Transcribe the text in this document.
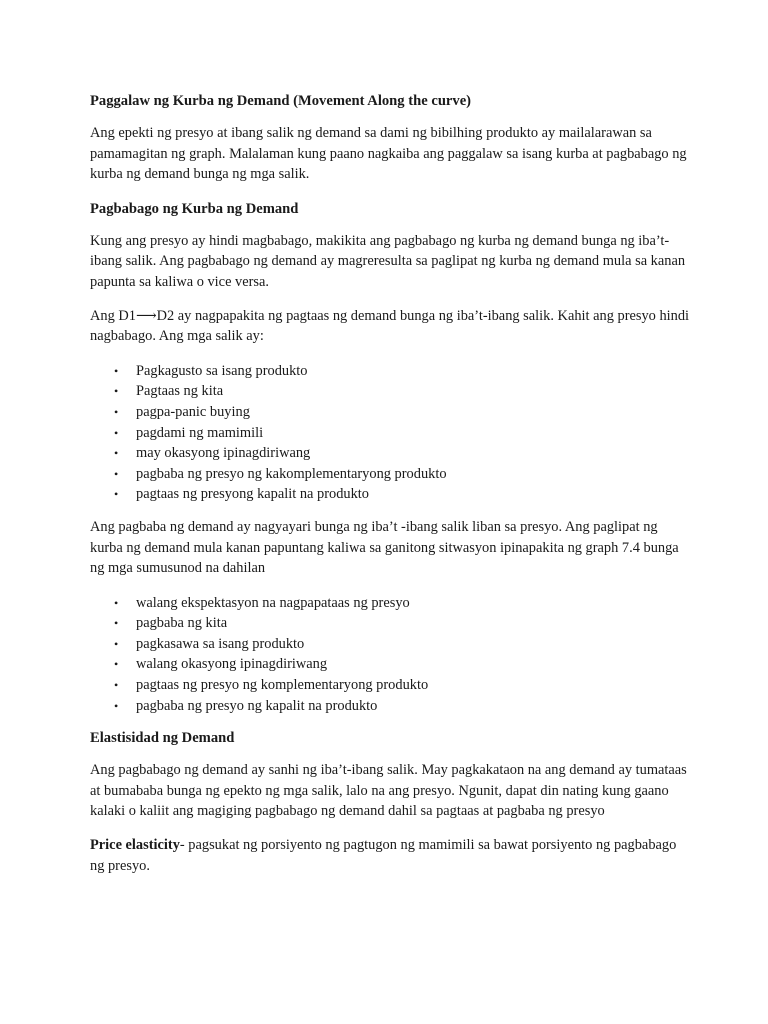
Paggalaw ng Kurba ng Demand (Movement Along the curve)

Ang epekti ng presyo at ibang salik ng demand sa dami ng bibilhing produkto ay mailalarawan sa pamamagitan ng graph. Malalaman kung paano nagkaiba ang paggalaw sa isang kurba at pagbabago ng kurba ng demand bunga ng mga salik.

Pagbabago ng Kurba ng Demand

Kung ang presyo ay hindi magbabago, makikita ang pagbabago ng kurba ng demand bunga ng iba’t-ibang salik. Ang pagbabago ng demand ay magreresulta sa paglipat ng kurba ng demand mula sa kanan papunta sa kaliwa o vice versa.

Ang D1⟶D2 ay nagpapakita ng pagtaas ng demand bunga ng iba’t-ibang salik. Kahit ang presyo hindi nagbabago. Ang mga salik ay:

• Pagkagusto sa isang produkto
• Pagtaas ng kita
• pagpa-panic buying
• pagdami ng mamimili
• may okasyong ipinagdiriwang
• pagbaba ng presyo ng kakomplementaryong produkto
• pagtaas ng presyong kapalit na produkto

Ang pagbaba ng demand ay nagyayari bunga ng iba’t -ibang salik liban sa presyo. Ang paglipat ng kurba ng demand mula kanan papuntang kaliwa sa ganitong sitwasyon ipinapakita ng graph 7.4 bunga ng mga sumusunod na dahilan

• walang ekspektasyon na nagpapataas ng presyo
• pagbaba ng kita
• pagkasawa sa isang produkto
• walang okasyong ipinagdiriwang
• pagtaas ng presyo ng komplementaryong produkto
• pagbaba ng presyo ng kapalit na produkto
Elastisidad ng Demand

Ang pagbabago ng demand ay sanhi ng iba’t-ibang salik. May pagkakataon na ang demand ay tumataas at bumababa bunga ng epekto ng mga salik, lalo na ang presyo. Ngunit, dapat din nating kung gaano kalaki o kaliit ang magiging pagbabago ng demand dahil sa pagtaas at pagbaba ng presyo

Price elasticity- pagsukat ng porsiyento ng pagtugon ng mamimili sa bawat porsiyento ng pagbabago ng presyo.
